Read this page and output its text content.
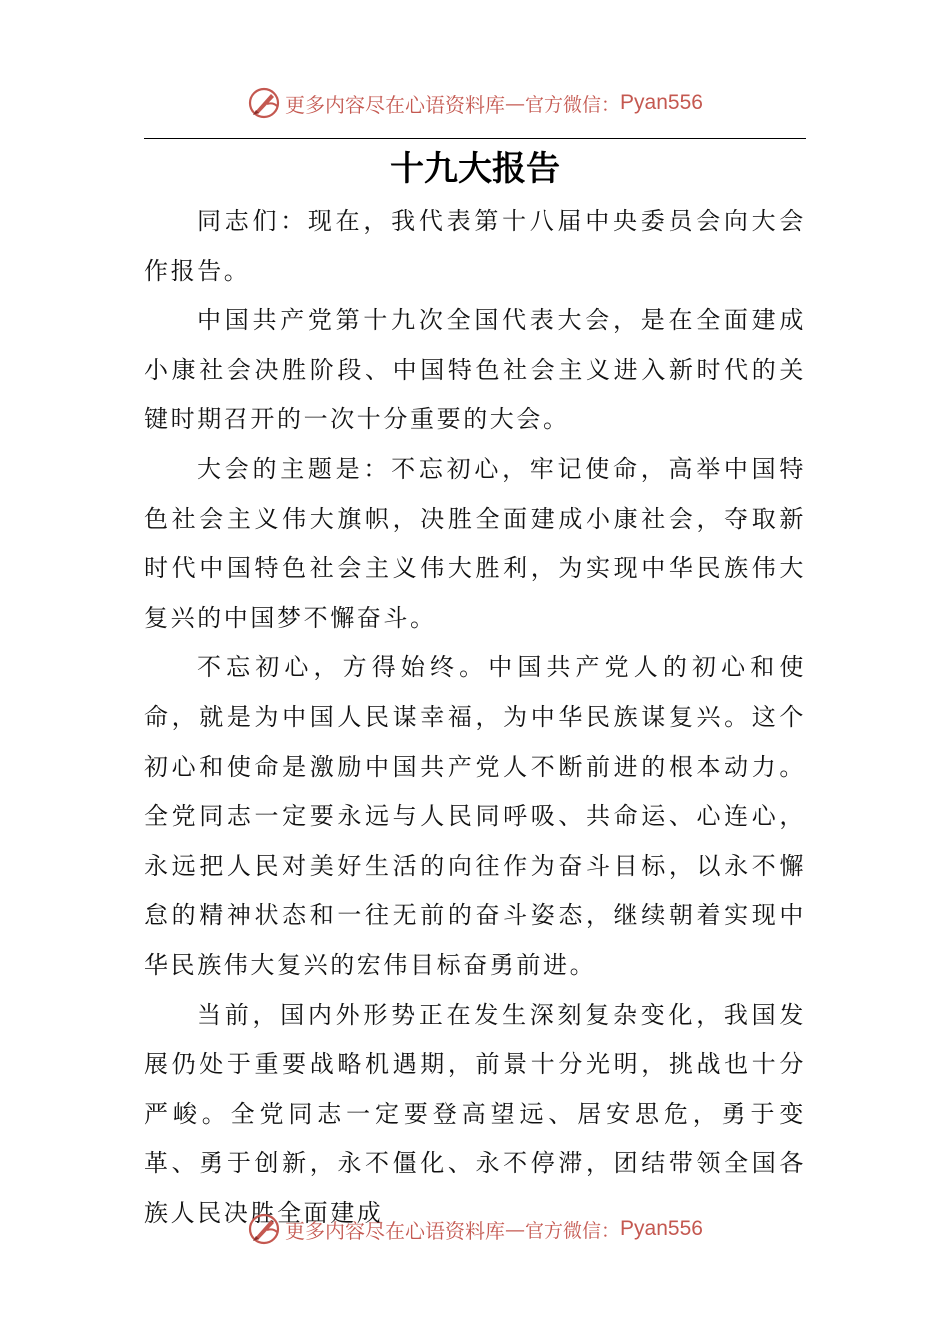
更多内容尽在心语资料库 — 官方微信： Pyan556
十九大报告

同志们：现在，我代表第十八届中央委员会向大会作报告。

中国共产党第十九次全国代表大会，是在全面建成小康社会决胜阶段、中国特色社会主义进入新时代的关键时期召开的一次十分重要的大会。

大会的主题是：不忘初心，牢记使命，高举中国特色社会主义伟大旗帜，决胜全面建成小康社会，夺取新时代中国特色社会主义伟大胜利，为实现中华民族伟大复兴的中国梦不懈奋斗。

不忘初心，方得始终。中国共产党人的初心和使命，就是为中国人民谋幸福，为中华民族谋复兴。这个初心和使命是激励中国共产党人不断前进的根本动力。全党同志一定要永远与人民同呼吸、共命运、心连心，永远把人民对美好生活的向往作为奋斗目标，以永不懈怠的精神状态和一往无前的奋斗姿态，继续朝着实现中华民族伟大复兴的宏伟目标奋勇前进。

当前，国内外形势正在发生深刻复杂变化，我国发展仍处于重要战略机遇期，前景十分光明，挑战也十分严峻。全党同志一定要登高望远、居安思危，勇于变革、勇于创新，永不僵化、永不停滞，团结带领全国各族人民决胜全面建成

更多内容尽在心语资料库 — 官方微信： Pyan556
